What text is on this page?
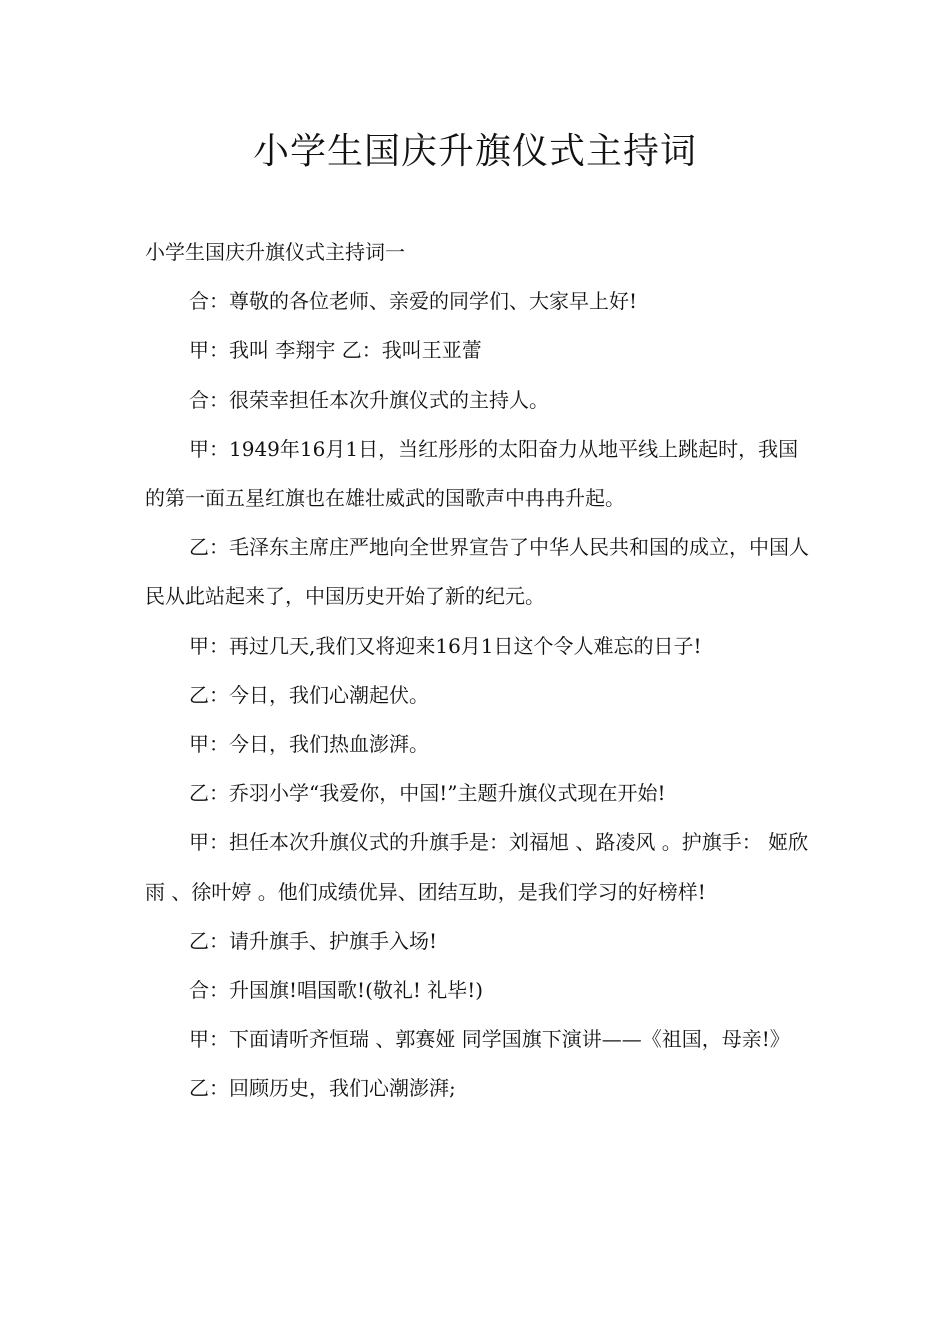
小学生国庆升旗仪式主持词

小学生国庆升旗仪式主持词一

合：尊敬的各位老师、亲爱的同学们、大家早上好!

甲：我叫 李翔宇 乙：我叫王亚蕾

合：很荣幸担任本次升旗仪式的主持人。

甲：1949年16月1日，当红彤彤的太阳奋力从地平线上跳起时，我国的第一面五星红旗也在雄壮威武的国歌声中冉冉升起。

乙：毛泽东主席庄严地向全世界宣告了中华人民共和国的成立，中国人民从此站起来了，中国历史开始了新的纪元。

甲：再过几天,我们又将迎来16月1日这个令人难忘的日子!

乙：今日，我们心潮起伏。

甲：今日，我们热血澎湃。

乙：乔羽小学“我爱你，中国!”主题升旗仪式现在开始!

甲：担任本次升旗仪式的升旗手是：刘福旭 、路凌风 。护旗手： 姬欣雨 、徐叶婷 。他们成绩优异、团结互助，是我们学习的好榜样!

乙：请升旗手、护旗手入场!

合：升国旗!唱国歌!(敬礼! 礼毕!)

甲：下面请听齐恒瑞 、郭赛娅 同学国旗下演讲——《祖国，母亲!》

乙：回顾历史，我们心潮澎湃;
